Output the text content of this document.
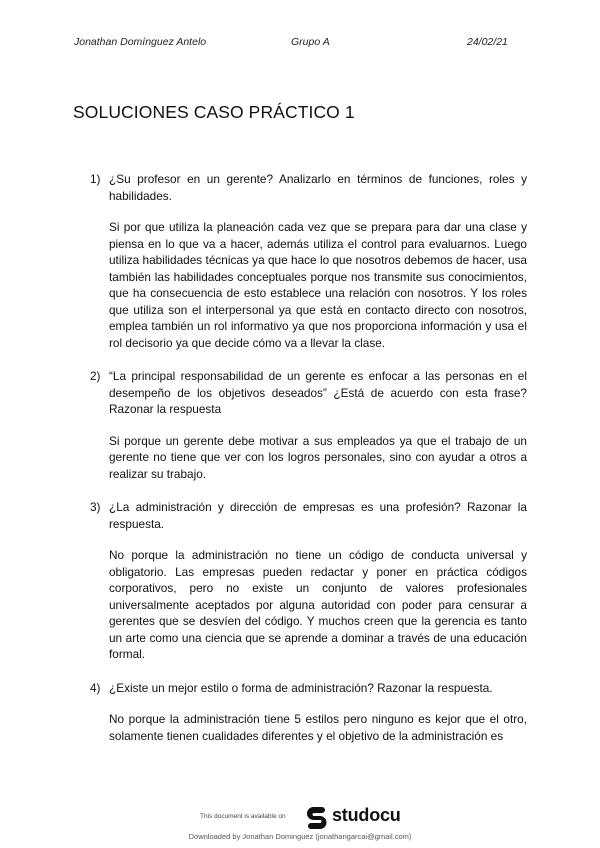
Jonathan Domínguez Antelo	Grupo A	24/02/21
SOLUCIONES CASO PRÁCTICO 1
1) ¿Su profesor en un gerente? Analizarlo en términos de funciones, roles y habilidades.

Si por que utiliza la planeación cada vez que se prepara para dar una clase y piensa en lo que va a hacer, además utiliza el control para evaluarnos. Luego utiliza habilidades técnicas ya que hace lo que nosotros debemos de hacer, usa también las habilidades conceptuales porque nos transmite sus conocimientos, que ha consecuencia de esto establece una relación con nosotros. Y los roles que utiliza son el interpersonal ya que está en contacto directo con nosotros, emplea también un rol informativo ya que nos proporciona información y usa el rol decisorio ya que decide cómo va a llevar la clase.

2) “La principal responsabilidad de un gerente es enfocar a las personas en el desempeño de los objetivos deseados” ¿Está de acuerdo con esta frase? Razonar la respuesta

Si porque un gerente debe motivar a sus empleados ya que el trabajo de un gerente no tiene que ver con los logros personales, sino con ayudar a otros a realizar su trabajo.

3) ¿La administración y dirección de empresas es una profesión? Razonar la respuesta.

No porque la administración no tiene un código de conducta universal y obligatorio. Las empresas pueden redactar y poner en práctica códigos corporativos, pero no existe un conjunto de valores profesionales universalmente aceptados por alguna autoridad con poder para censurar a gerentes que se desvíen del código. Y muchos creen que la gerencia es tanto un arte como una ciencia que se aprende a dominar a través de una educación formal.

4) ¿Existe un mejor estilo o forma de administración? Razonar la respuesta.

No porque la administración tiene 5 estilos pero ninguno es kejor que el otro, solamente tienen cualidades diferentes y el objetivo de la administración es

This document is available on	studocu
Downloaded by Jonathan Dominguez (jonathangarcai@gmail.com)
